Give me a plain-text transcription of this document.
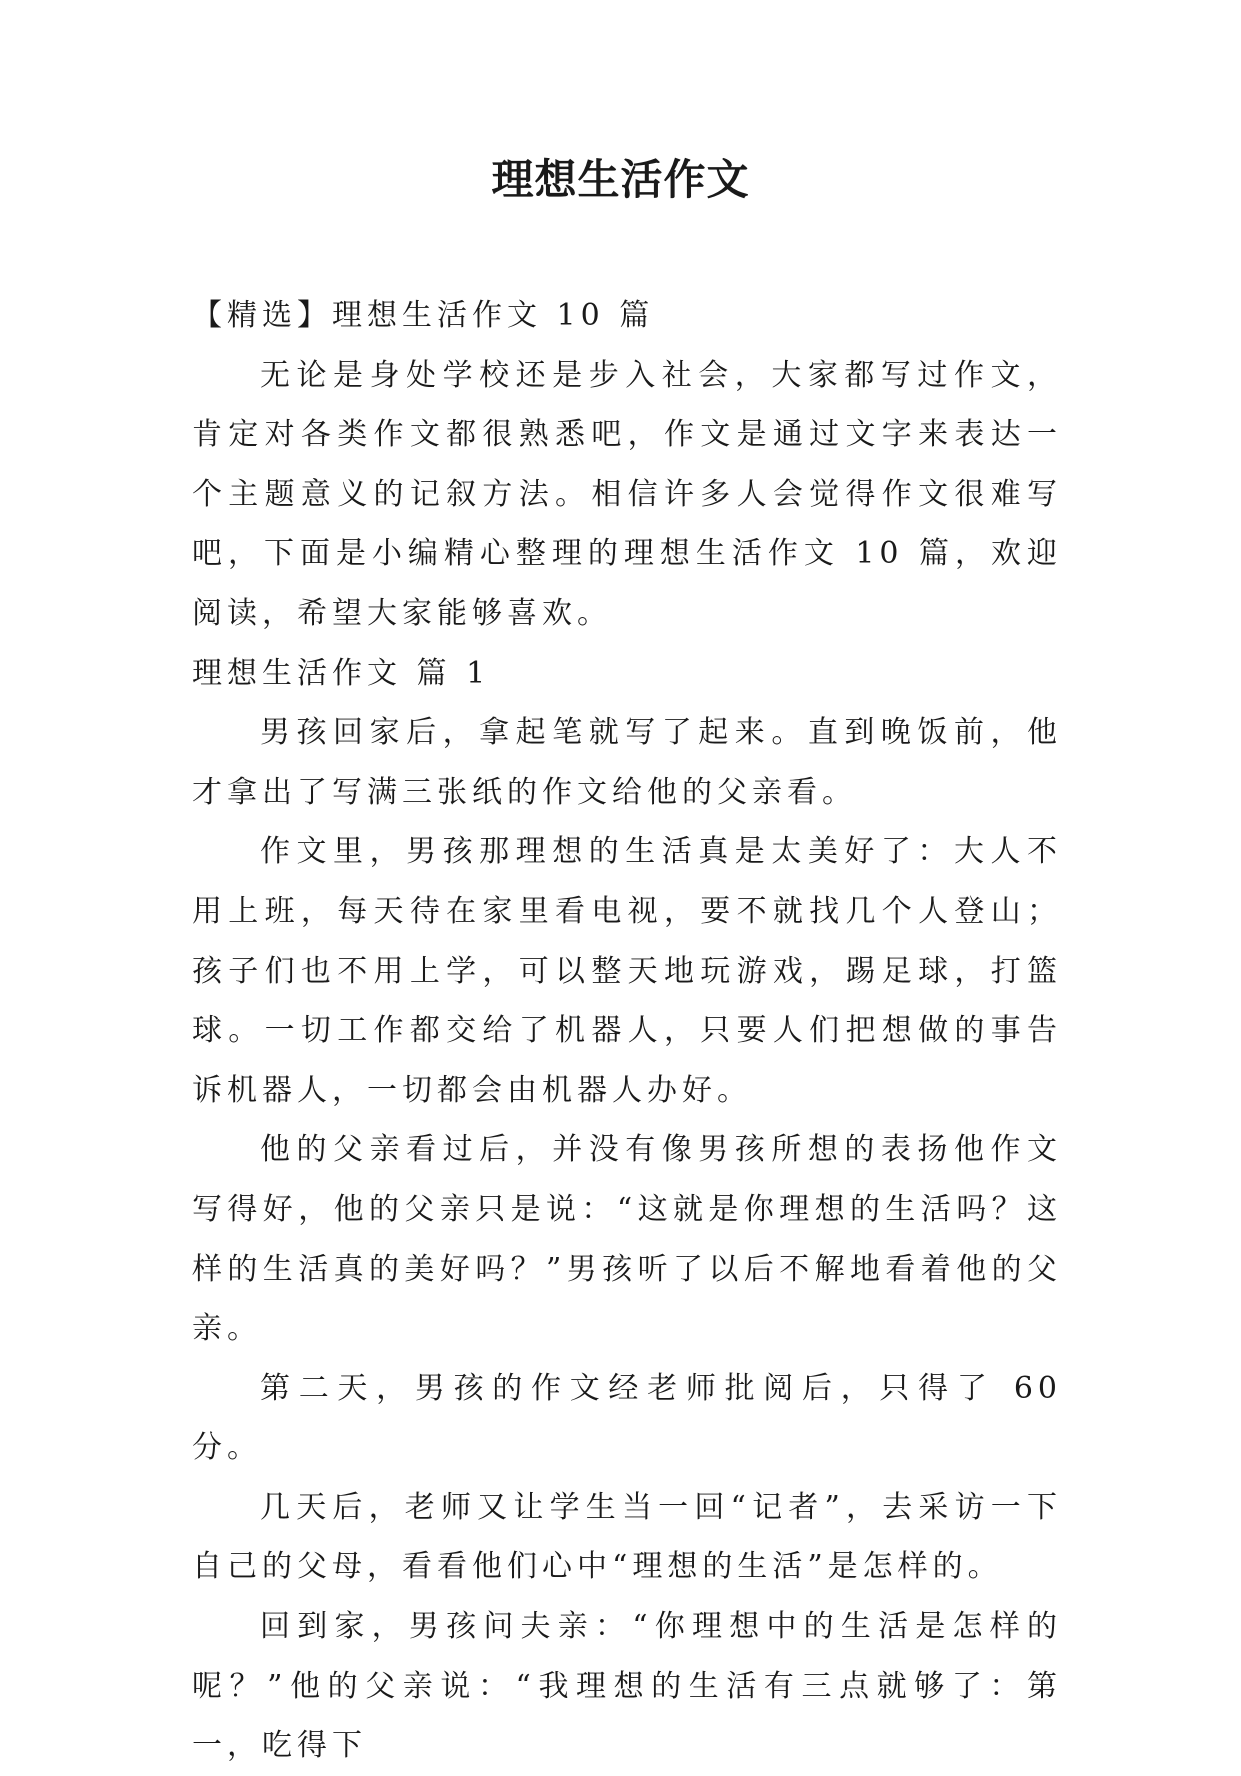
理想生活作文

【精选】理想生活作文 10 篇

无论是身处学校还是步入社会，大家都写过作文，肯定对各类作文都很熟悉吧，作文是通过文字来表达一个主题意义的记叙方法。相信许多人会觉得作文很难写吧，下面是小编精心整理的理想生活作文 10 篇，欢迎阅读，希望大家能够喜欢。

理想生活作文 篇 1

男孩回家后，拿起笔就写了起来。直到晚饭前，他才拿出了写满三张纸的作文给他的父亲看。

作文里，男孩那理想的生活真是太美好了：大人不用上班，每天待在家里看电视，要不就找几个人登山；孩子们也不用上学，可以整天地玩游戏，踢足球，打篮球。一切工作都交给了机器人，只要人们把想做的事告诉机器人，一切都会由机器人办好。

他的父亲看过后，并没有像男孩所想的表扬他作文写得好，他的父亲只是说：“这就是你理想的生活吗？这样的生活真的美好吗？”男孩听了以后不解地看着他的父亲。

第二天，男孩的作文经老师批阅后，只得了 60 分。

几天后，老师又让学生当一回“记者”，去采访一下自己的父母，看看他们心中“理想的生活”是怎样的。

回到家，男孩问夫亲：“你理想中的生活是怎样的呢？”他的父亲说：“我理想的生活有三点就够了：第一，吃得下
